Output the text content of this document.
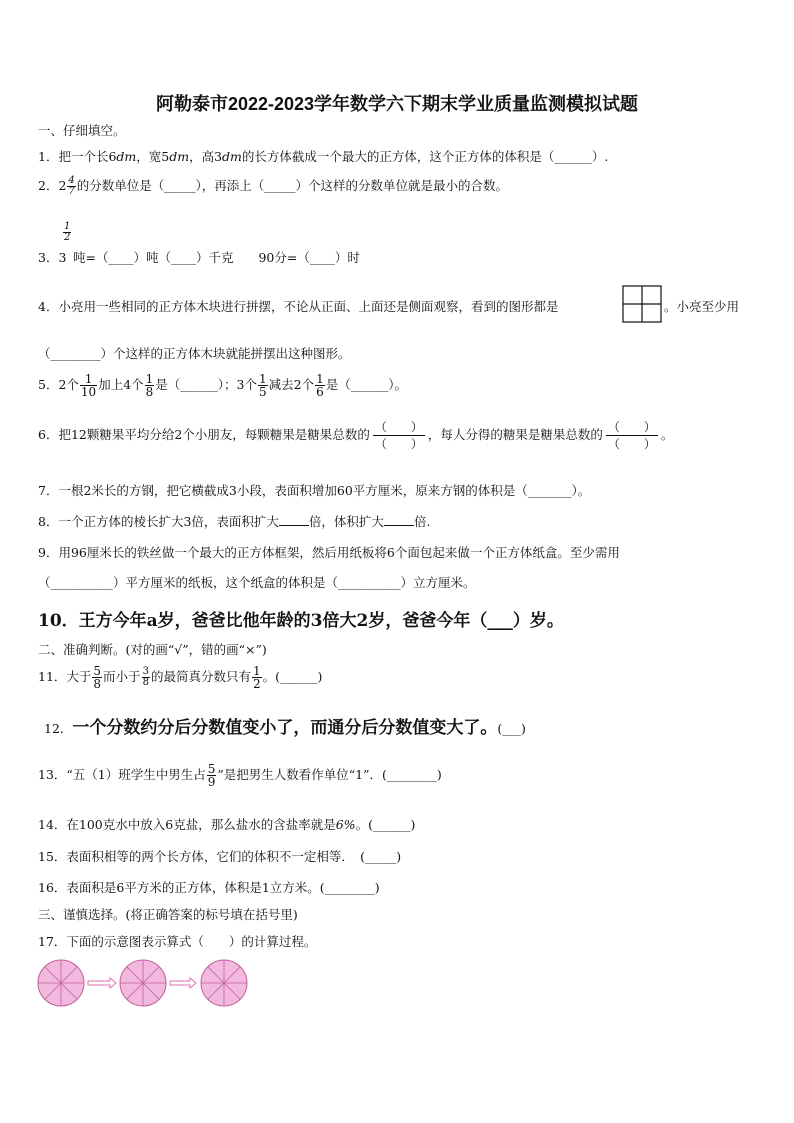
阿勒泰市2022-2023学年数学六下期末学业质量监测模拟试题
一、仔细填空。
1．把一个长6dm，宽5dm，高3dm的长方体截成一个最大的正方体，这个正方体的体积是（______）.
2．$2 \frac{4}{7}$ 的分数单位是（_____），再添上（_____）个这样的分数单位就是最小的合数。
$\frac{1}{2}$
3．3 吨=（____）吨（____）千克　　90分=（____）时
4．小亮用一些相同的正方体木块进行拼摆，不论从正面、上面还是侧面观察，看到的图形都是	。小亮至少用
（________）个这样的正方体木块就能拼摆出这种图形。
5．2个 $\frac{1}{10}$ 加上4个 $\frac{1}{8}$ 是（______）；3个 $\frac{1}{5}$ 减去2个 $\frac{1}{6}$ 是（______）。
6．把12颗糖果平均分给2个小朋友，每颗糖果是糖果总数的 （　　）
（　　）
，每人分得的糖果是糖果总数的 （　　）
（　　）
。
7．一根2米长的方钢，把它横截成3小段，表面积增加60平方厘米，原来方钢的体积是（_______）。
8．一个正方体的棱长扩大3倍，表面积扩大 倍，体积扩大 倍.
9．用96厘米长的铁丝做一个最大的正方体框架，然后用纸板将6个面包起来做一个正方体纸盒。至少需用
（__________）平方厘米的纸板，这个纸盒的体积是（__________）立方厘米。
10．王方今年a岁，爸爸比他年龄的3倍大2岁，爸爸今年（___）岁。
二、准确判断。(对的画“√”，错的画“×”)
11．大于 $\frac{5}{8}$ 而小于 $\frac{3}{8}$ 的最简真分数只有 $\frac{1}{2}$ 。(______)
12．一个分数约分后分数值变小了，而通分后分数值变大了。(___)
13．“五（1）班学生中男生占 $\frac{5}{9}$ ”是把男生人数看作单位“1”．(________)
14．在100克水中放入6克盐，那么盐水的含盐率就是6%。(______)
15．表面积相等的两个长方体，它们的体积不一定相等．　(_____)
16．表面积是6平方米的正方体，体积是1立方米。(________)
三、谨慎选择。(将正确答案的标号填在括号里)
17．下面的示意图表示算式（　　）的计算过程。
